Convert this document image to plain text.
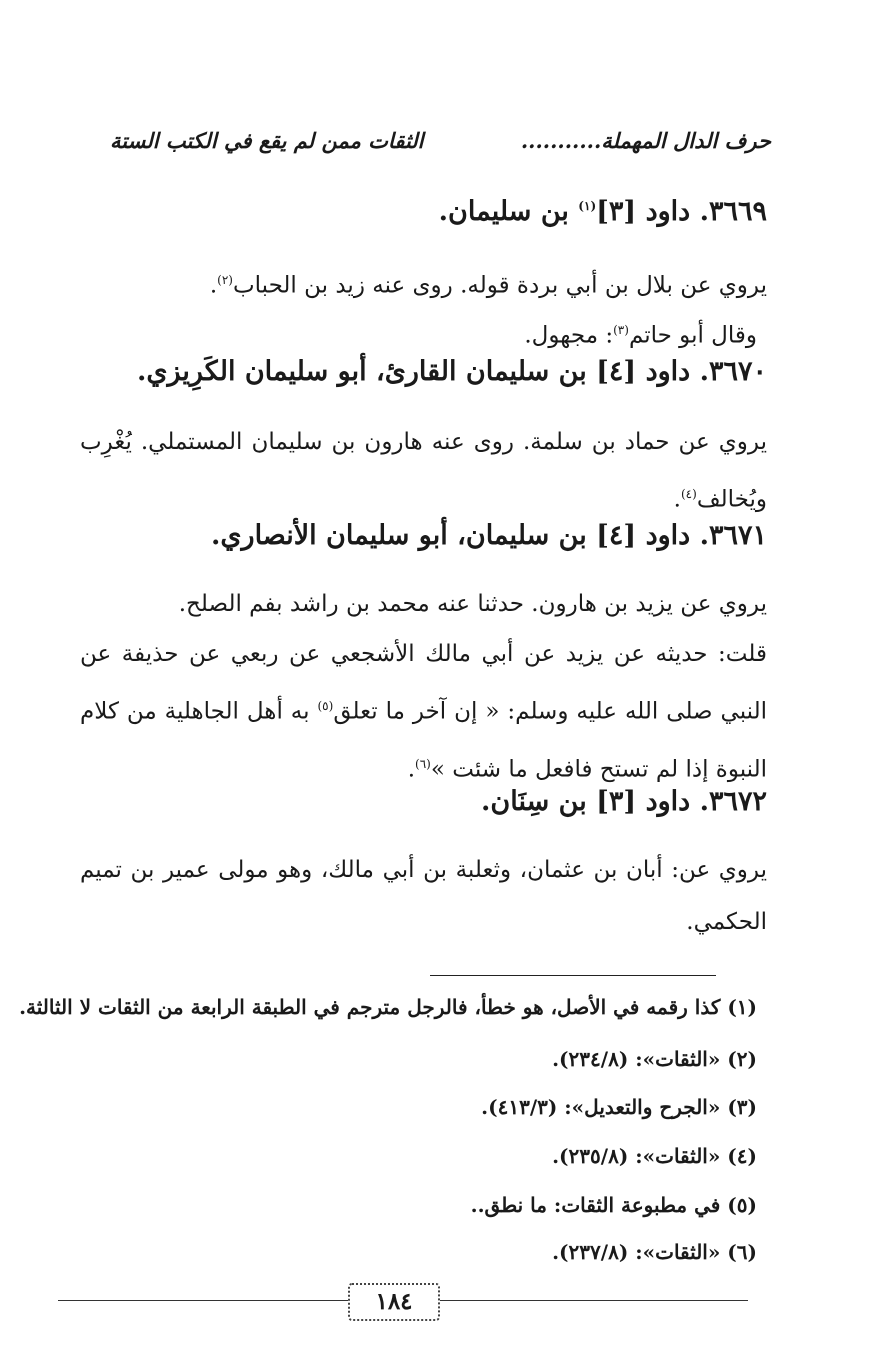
حرف الدال المهملة...........
الثقات ممن لم يقع في الكتب الستة
٣٦٦٩. داود [٣]$^{(١)}$ بن سليمان.
يروي عن بلال بن أبي بردة قوله. روى عنه زيد بن الحباب$^{(٢)}$.
وقال أبو حاتم$^{(٣)}$: مجهول.
٣٦٧٠. داود [٤] بن سليمان القارئ، أبو سليمان الكَرِيزي.
يروي عن حماد بن سلمة. روى عنه هارون بن سليمان المستملي. يُغْرِب ويُخالف$^{(٤)}$.
٣٦٧١. داود [٤] بن سليمان، أبو سليمان الأنصاري.
يروي عن يزيد بن هارون. حدثنا عنه محمد بن راشد بفم الصلح.
قلت: حديثه عن يزيد عن أبي مالك الأشجعي عن ربعي عن حذيفة عن النبي صلى الله عليه وسلم: « إن آخر ما تعلق$^{(٥)}$ به أهل الجاهلية من كلام النبوة إذا لم تستح فافعل ما شئت »$^{(٦)}$.
٣٦٧٢. داود [٣] بن سِنَان.
يروي عن: أبان بن عثمان، وثعلبة بن أبي مالك، وهو مولى عمير بن تميم الحكمي.
(١) كذا رقمه في الأصل، هو خطأ، فالرجل مترجم في الطبقة الرابعة من الثقات لا الثالثة.
(٢) «الثقات»: (٢٣٤/٨).
(٣) «الجرح والتعديل»: (٤١٣/٣).
(٤) «الثقات»: (٢٣٥/٨).
(٥) في مطبوعة الثقات: ما نطق..
(٦) «الثقات»: (٢٣٧/٨).
١٨٤
